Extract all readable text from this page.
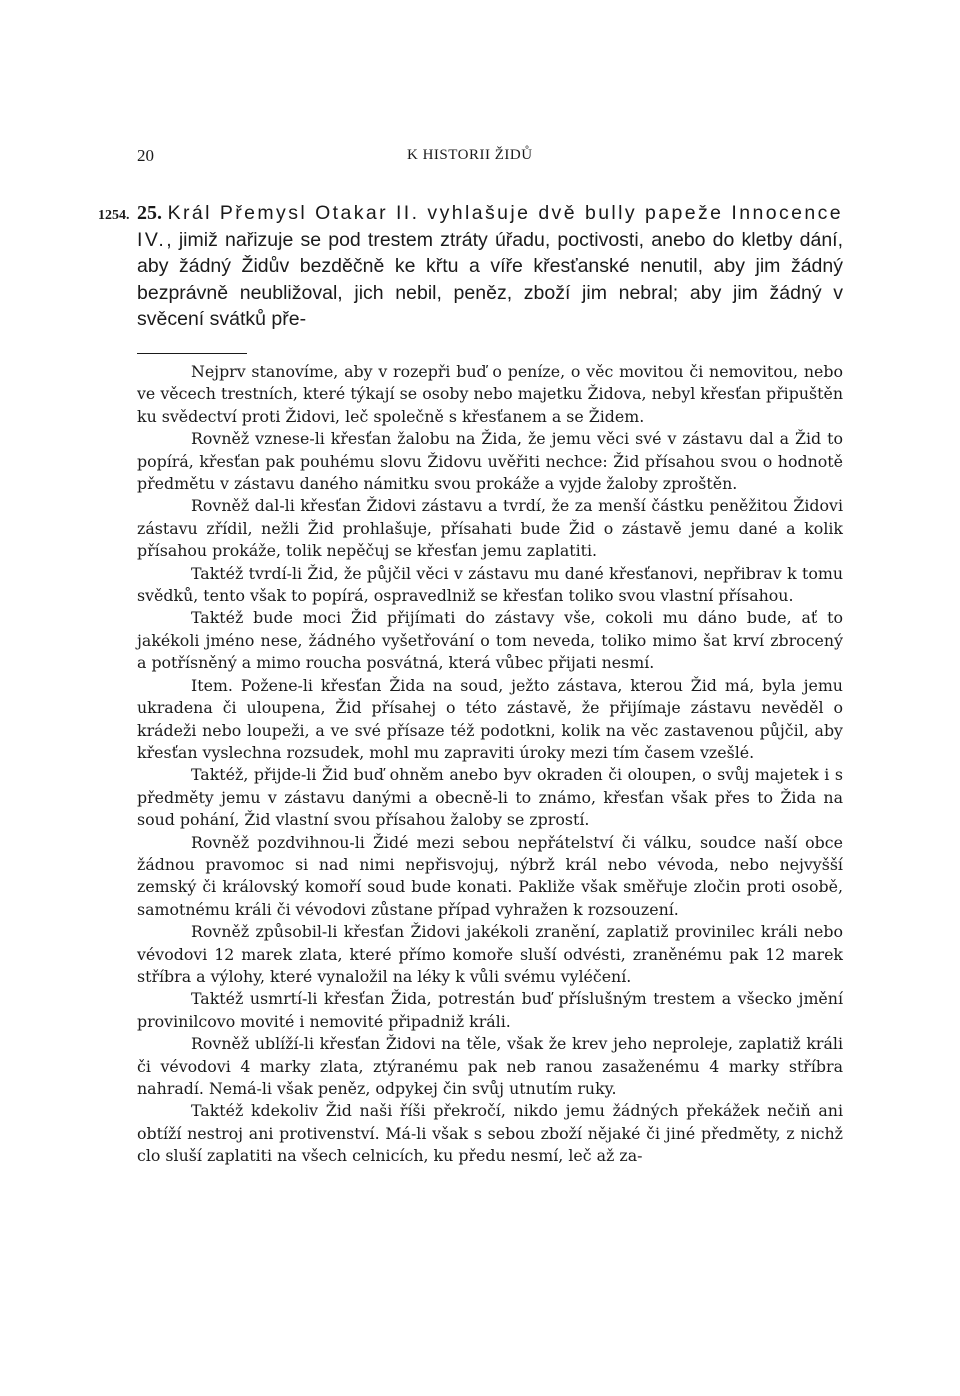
20	K HISTORII ŽIDŮ
1254. 25. Král Přemysl Otakar II. vyhlašuje dvě bully papeže Innocence IV., jimiž nařizuje se pod trestem ztráty úřadu, poctivosti, anebo do kletby dání, aby žádný Židův bezděčně ke křtu a víře křesťanské nenutil, aby jim žádný bezprávně neubližoval, jich nebil, peněz, zboží jim nebral; aby jim žádný v svěcení svátků pře-

Nejprv stanovíme, aby v rozepři buď o peníze, o věc movitou či nemovitou, nebo ve věcech trestních, které týkají se osoby nebo majetku Židova, nebyl křesťan připuštěn ku svědectví proti Židovi, leč společně s křesťanem a se Židem.

Rovněž vznese-li křesťan žalobu na Žida, že jemu věci své v zástavu dal a Žid to popírá, křesťan pak pouhému slovu Židovu uvěřiti nechce: Žid přísahou svou o hodnotě předmětu v zástavu daného námitku svou prokáže a vyjde žaloby zproštěn.

Rovněž dal-li křesťan Židovi zástavu a tvrdí, že za menší částku peněžitou Židovi zástavu zřídil, nežli Žid prohlašuje, přísahati bude Žid o zástavě jemu dané a kolik přísahou prokáže, tolik nepěčuj se křesťan jemu zaplatiti.

Taktéž tvrdí-li Žid, že půjčil věci v zástavu mu dané křesťanovi, nepřibrav k tomu svědků, tento však to popírá, ospravedlniž se křesťan toliko svou vlastní přísahou.

Taktéž bude moci Žid přijímati do zástavy vše, cokoli mu dáno bude, ať to jakékoli jméno nese, žádného vyšetřování o tom neveda, toliko mimo šat krví zbrocený a potřísněný a mimo roucha posvátná, která vůbec přijati nesmí.

Item. Požene-li křesťan Žida na soud, ježto zástava, kterou Žid má, byla jemu ukradena či uloupena, Žid přísahej o této zástavě, že přijímaje zástavu nevěděl o krádeži nebo loupeži, a ve své přísaze též podotkni, kolik na věc zastavenou půjčil, aby křesťan vyslechna rozsudek, mohl mu zapraviti úroky mezi tím časem vzešlé.

Taktéž, přijde-li Žid buď ohněm anebo byv okraden či oloupen, o svůj majetek i s předměty jemu v zástavu danými a obecně-li to známo, křesťan však přes to Žida na soud pohání, Žid vlastní svou přísahou žaloby se zprostí.

Rovněž pozdvihnou-li Židé mezi sebou nepřátelství či válku, soudce naší obce žádnou pravomoc si nad nimi nepřisvojuj, nýbrž král nebo vévoda, nebo nejvyšší zemský či královský komoří soud bude konati. Pakliže však směřuje zločin proti osobě, samotnému králi či vévodovi zůstane případ vyhražen k rozsouzení.

Rovněž způsobil-li křesťan Židovi jakékoli zranění, zaplatiž provinilec králi nebo vévodovi 12 marek zlata, které přímo komoře sluší odvésti, zraněnému pak 12 marek stříbra a výlohy, které vynaložil na léky k vůli svému vyléčení.

Taktéž usmrtí-li křesťan Žida, potrestán buď příslušným trestem a všecko jmění provinilcovo movité i nemovité připadniž králi.

Rovněž ublíží-li křesťan Židovi na těle, však že krev jeho neproleje, zaplatiž králi či vévodovi 4 marky zlata, ztýranému pak neb ranou zasaženému 4 marky stříbra nahradí. Nemá-li však peněz, odpykej čin svůj utnutím ruky.

Taktéž kdekoliv Žid naši říši překročí, nikdo jemu žádných překážek nečiň ani obtíží nestroj ani protivenství. Má-li však s sebou zboží nějaké či jiné předměty, z nichž clo sluší zaplatiti na všech celnicích, ku předu nesmí, leč až za-
